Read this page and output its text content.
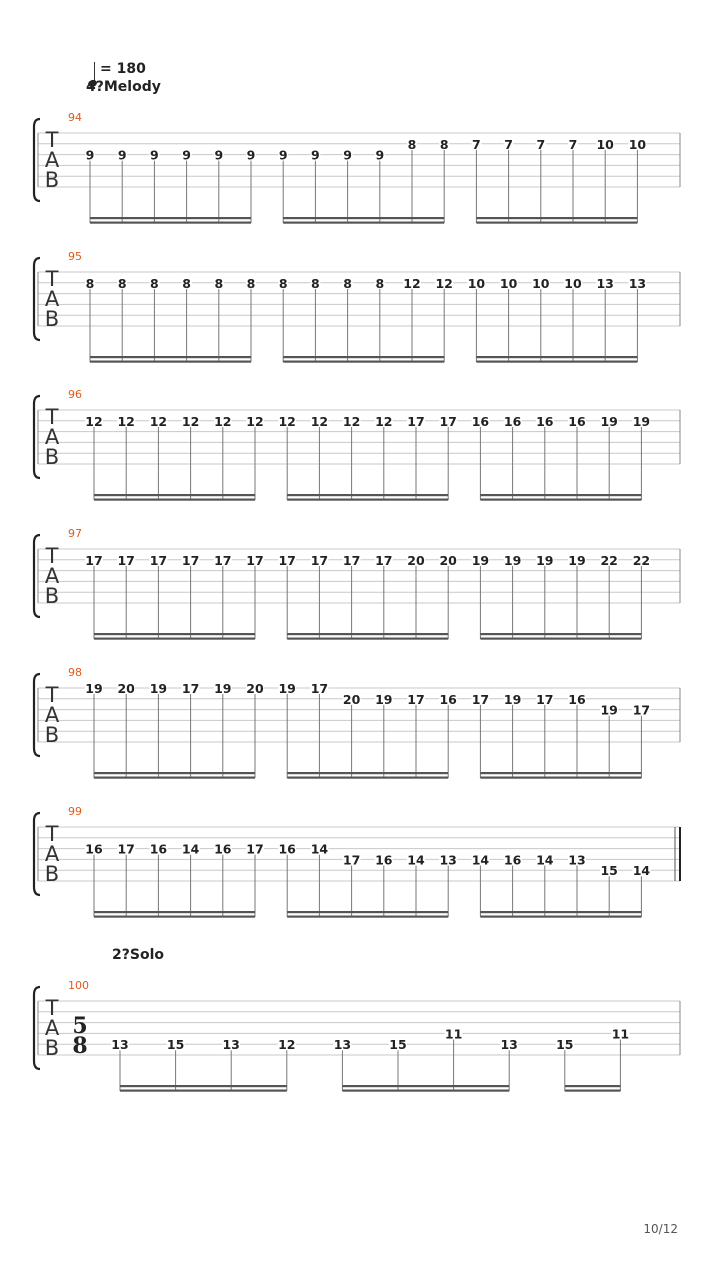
= 180
4?Melody
94
T
A
B
9 9 9 9 9 9 9 9 9 9
8 8 7 7 7 7 10 10
95
T
A
B
8 8 8 8 8 8 8 8 8 8 12 12 10 10 10 10 13 13
96
T
A
B
12 12 12 12 12 12 12 12 12 12 17 17 16 16 16 16 19 19
97
T
A
B
17 17 17 17 17 17 17 17 17 17 20 20 19 19 19 19 22 22
98
T
A
B
19 20 19 17 19 20 19 17
20 19 17 16 17 19 17 16
19 17
99
T
A
B
16 17 16 14 16 17 16 14
17 16 14 13 14 16 14 13
15 14
100
T
A
B
5
8 13	15	13	12	13	15
11
13	15
11
2?Solo
10/12
